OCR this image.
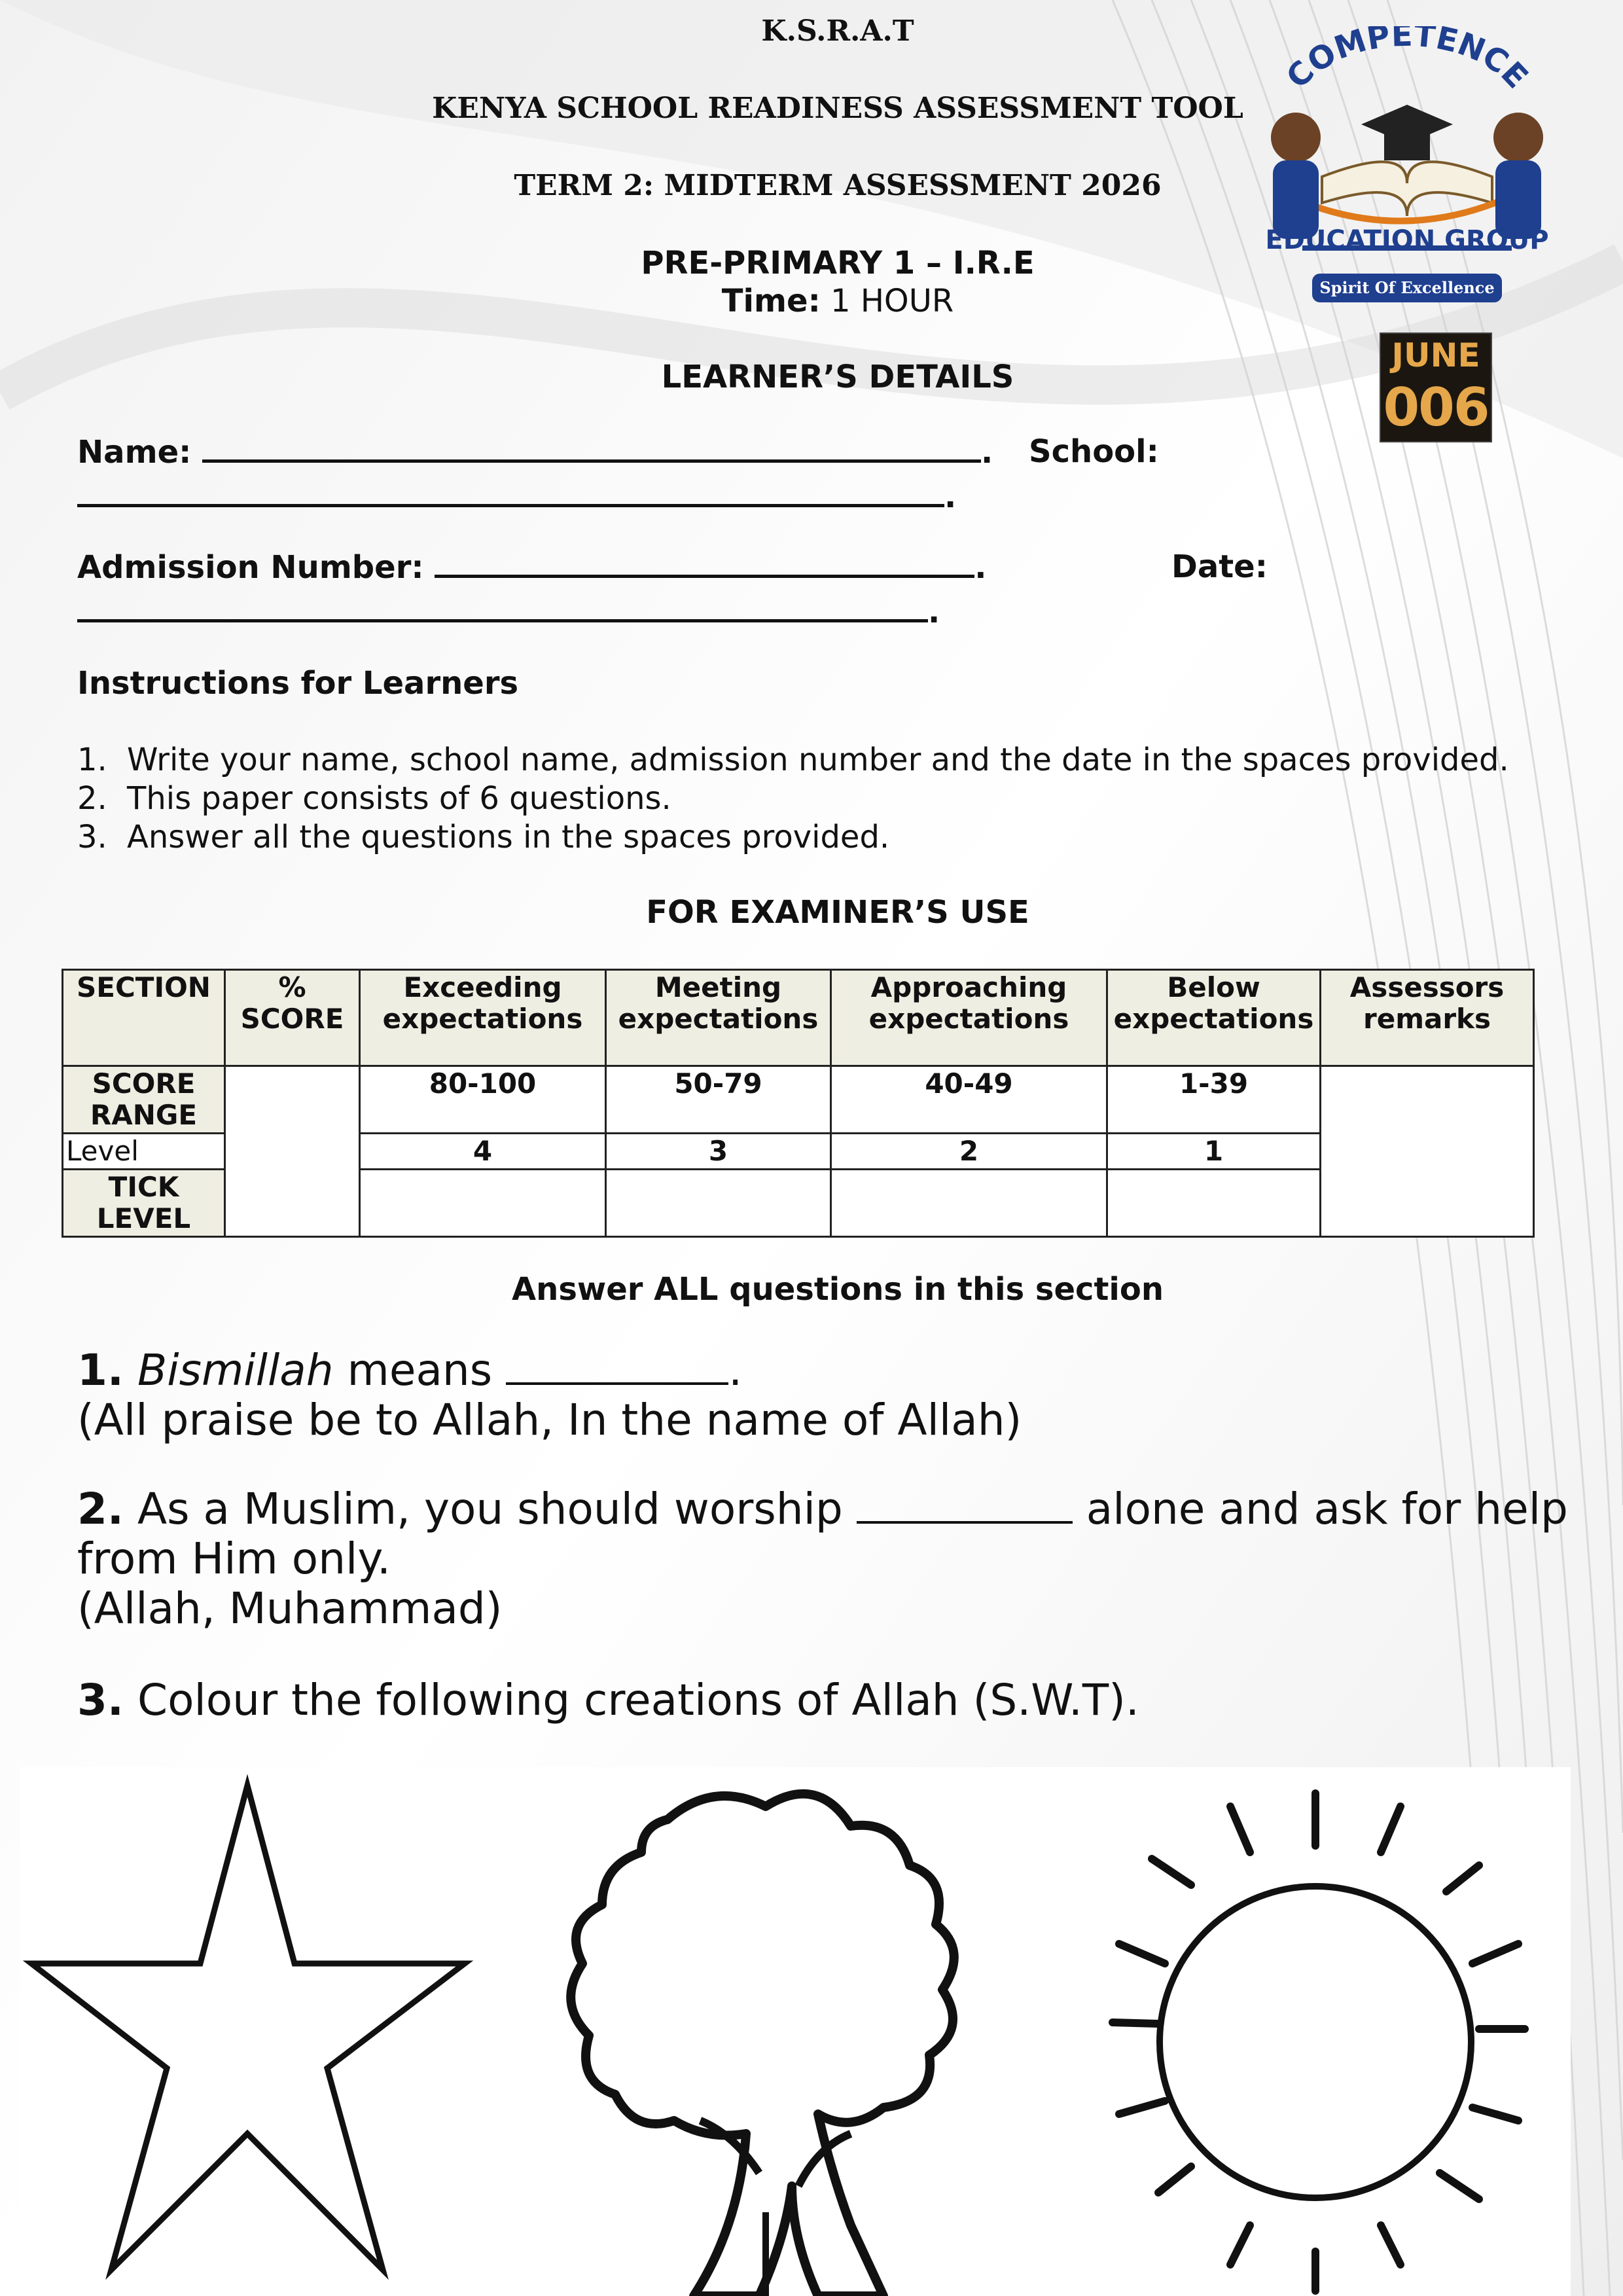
K.S.R.A.T
KENYA SCHOOL READINESS ASSESSMENT TOOL
TERM 2: MIDTERM ASSESSMENT 2026
PRE-PRIMARY 1 – I.R.E
Time: 1 HOUR
COMPETENCE
EDUCATION GROUP
Spirit Of Excellence
JUNE
006
LEARNER’S DETAILS
Name:	. School:
.
Admission Number:	.	Date:
.
Instructions for Learners
1. Write your name, school name, admission number and the date in the spaces provided.
2. This paper consists of 6 questions.
3. Answer all the questions in the spaces provided.
FOR EXAMINER’S USE
SECTION	% SCORE	Exceeding expectations	Meeting expectations	Approaching expectations	Below expectations	Assessors remarks
SCORE RANGE		80-100	50-79	40-49	1-39	
Level		4	3	2	1	
TICK LEVEL						
Answer ALL questions in this section
1. Bismillah means	.
(All praise be to Allah, In the name of Allah)
2. As a Muslim, you should worship	alone and ask for help from Him only.
(Allah, Muhammad)
3. Colour the following creations of Allah (S.W.T).
